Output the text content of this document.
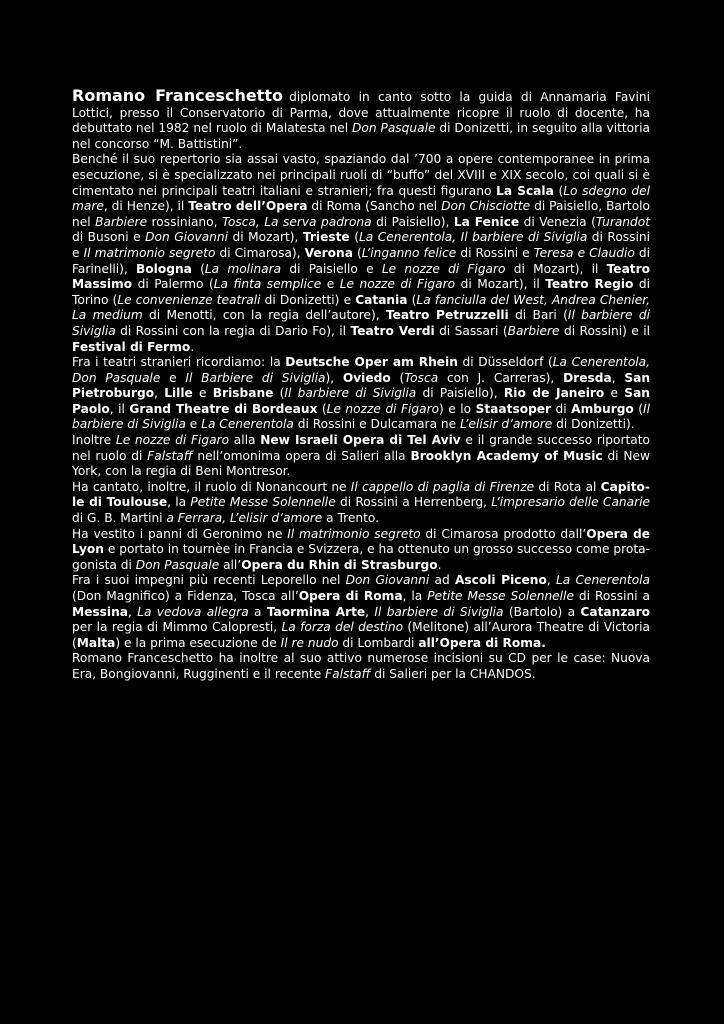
Romano Franceschetto  diplomato in canto sotto la guida di Annamaria Favini Lottici, presso il Conservatorio di Parma, dove attualmente ricopre il ruolo di docente, ha debuttato nel 1982 nel ruolo di Malatesta nel Don Pasquale di Donizetti, in seguito alla vittoria nel concorso “M. Battistini”.

Benché il suo repertorio sia assai vasto, spaziando dal ’700 a opere contemporanee in prima esecuzione, si è specializzato nei principali ruoli di “buffo” del XVIII e XIX secolo, coi quali si è cimentato nei principali teatri italiani e stranieri; fra questi figurano La Scala (Lo sdegno del mare, di Henze), il Teatro dell’Opera di Roma (Sancho nel Don Chisciotte di Paisiello, Bartolo nel Barbiere rossiniano, Tosca, La serva padrona di Paisiello), La Fenice di Venezia (Turandot di Busoni e Don Giovanni di Mozart), Trieste (La Cenerentola, Il barbiere di Siviglia di Rossini e Il matrimonio segreto di Cimarosa), Verona (L’inganno felice di Rossini e Teresa e Claudio di Farinelli), Bologna (La molinara di Paisiello e Le nozze di Figaro di Mozart), il Teatro Massimo di Palermo (La finta semplice e Le nozze di Figaro di Mozart), il Teatro Regio di Torino (Le convenienze teatrali di Donizetti) e Catania (La fanciulla del West, Andrea Chenier, La medium di Menotti, con la regia dell’autore), Teatro Petruzzelli di Bari (Il barbiere di Siviglia di Rossini con la regia di Dario Fo), il Teatro Verdi di Sassari (Barbiere di Rossini) e il Festival di Fermo.

Fra i teatri stranieri ricordiamo: la Deutsche Oper am Rhein di Düsseldorf (La Cenerentola, Don Pasquale e Il Barbiere di Siviglia), Oviedo (Tosca con J. Carreras), Dresda, San Pietroburgo, Lille e Brisbane (Il barbiere di Siviglia di Paisiello), Rio de Janeiro e San Paolo, il Grand Theatre di Bordeaux (Le nozze di Figaro) e lo Staatsoper di Amburgo (Il barbiere di Siviglia e La Cenerentola di Rossini e Dulcamara ne L’elisir d’amore di Donizetti).

Inoltre Le nozze di Figaro alla New Israeli Opera di Tel Aviv e il grande successo riportato nel ruolo di Falstaff nell’omonima opera di Salieri alla Brooklyn Academy of Music di New York, con la regia di Beni Montresor.

Ha cantato, inoltre, il ruolo di Nonancourt ne Il cappello di paglia di Firenze di Rota al Capitole di Toulouse, la Petite Messe Solennelle di Rossini a Herrenberg, L’impresario delle Canarie di G. B. Martini a Ferrara, L’elisir d’amore a Trento.

Ha vestito i panni di Geronimo ne Il matrimonio segreto di Cimarosa prodotto dall’Opera de Lyon e portato in tournèe in Francia e Svizzera, e ha ottenuto un grosso successo come protagonista di Don Pasquale all’Opera du Rhin di Strasburgo.

Fra i suoi impegni più recenti Leporello nel Don Giovanni ad Ascoli Piceno, La Cenerentola (Don Magnifico) a Fidenza, Tosca all’Opera di Roma, la Petite Messe Solennelle di Rossini a Messina, La vedova allegra a Taormina Arte, Il barbiere di Siviglia (Bartolo) a Catanzaro per la regia di Mimmo Calopresti, La forza del destino (Melitone) all’Aurora Theatre di Victoria (Malta) e la prima esecuzione de Il re nudo di Lombardi all’Opera di Roma.

Romano Franceschetto ha inoltre al suo attivo numerose incisioni su CD per le case: Nuova Era, Bongiovanni, Rugginenti e il recente Falstaff di Salieri per la CHANDOS.
